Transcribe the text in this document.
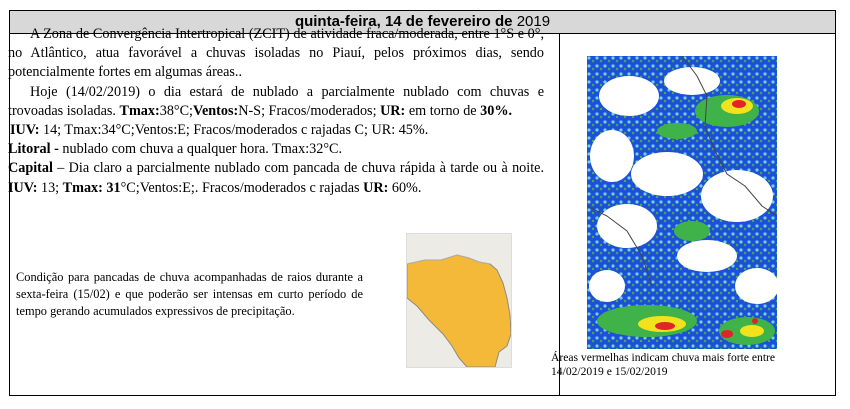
quinta-feira, 14 de fevereiro de 2019

A Zona de Convergência Intertropical (ZCIT) de atividade fraca/moderada, entre 1°S e 0°, no Atlântico, atua favorável a chuvas isoladas no Piauí, pelos próximos dias, sendo potencialmente fortes em algumas áreas..

Hoje (14/02/2019) o dia estará de nublado a parcialmente nublado com chuvas e trovoadas isoladas. Tmax:38°C;Ventos:N-S; Fracos/moderados; UR: em torno de 30%.

IUV: 14; Tmax:34°C;Ventos:E; Fracos/moderados c rajadas C; UR: 45%.

Litoral - nublado com chuva a qualquer hora. Tmax:32°C.

Capital – Dia claro a parcialmente nublado com pancada de chuva rápida à tarde ou à noite. IUV: 13; Tmax: 31°C;Ventos:E;. Fracos/moderados c rajadas UR: 60%.

Condição para pancadas de chuva acompanhadas de raios durante a sexta-feira (15/02) e que poderão ser intensas em curto período de tempo gerando acumulados expressivos de precipitação.
Áreas vermelhas indicam chuva mais forte entre
14/02/2019 e 15/02/2019
